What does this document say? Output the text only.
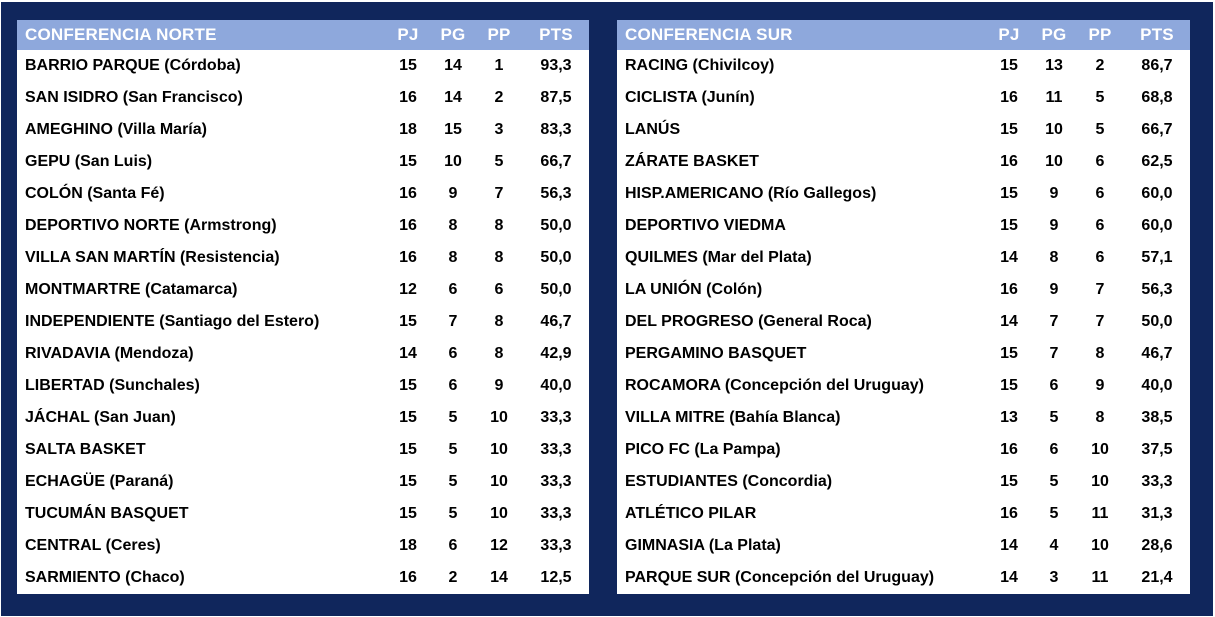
CONFERENCIA NORTE	PJ	PG	PP	PTS
BARRIO PARQUE (Córdoba)	15	14	1	93,3
SAN ISIDRO (San Francisco)	16	14	2	87,5
AMEGHINO (Villa María)	18	15	3	83,3
GEPU (San Luis)	15	10	5	66,7
COLÓN (Santa Fé)	16	9	7	56,3
DEPORTIVO NORTE (Armstrong)	16	8	8	50,0
VILLA SAN MARTÍN (Resistencia)	16	8	8	50,0
MONTMARTRE (Catamarca)	12	6	6	50,0
INDEPENDIENTE (Santiago del Estero)	15	7	8	46,7
RIVADAVIA (Mendoza)	14	6	8	42,9
LIBERTAD (Sunchales)	15	6	9	40,0
JÁCHAL (San Juan)	15	5	10	33,3
SALTA BASKET	15	5	10	33,3
ECHAGÜE (Paraná)	15	5	10	33,3
TUCUMÁN BASQUET	15	5	10	33,3
CENTRAL (Ceres)	18	6	12	33,3
SARMIENTO (Chaco)	16	2	14	12,5
CONFERENCIA SUR	PJ	PG	PP	PTS
RACING (Chivilcoy)	15	13	2	86,7
CICLISTA (Junín)	16	11	5	68,8
LANÚS	15	10	5	66,7
ZÁRATE BASKET	16	10	6	62,5
HISP.AMERICANO (Río Gallegos)	15	9	6	60,0
DEPORTIVO VIEDMA	15	9	6	60,0
QUILMES (Mar del Plata)	14	8	6	57,1
LA UNIÓN (Colón)	16	9	7	56,3
DEL PROGRESO (General Roca)	14	7	7	50,0
PERGAMINO BASQUET	15	7	8	46,7
ROCAMORA (Concepción del Uruguay)	15	6	9	40,0
VILLA MITRE (Bahía Blanca)	13	5	8	38,5
PICO FC (La Pampa)	16	6	10	37,5
ESTUDIANTES (Concordia)	15	5	10	33,3
ATLÉTICO PILAR	16	5	11	31,3
GIMNASIA (La Plata)	14	4	10	28,6
PARQUE SUR (Concepción del Uruguay)	14	3	11	21,4
